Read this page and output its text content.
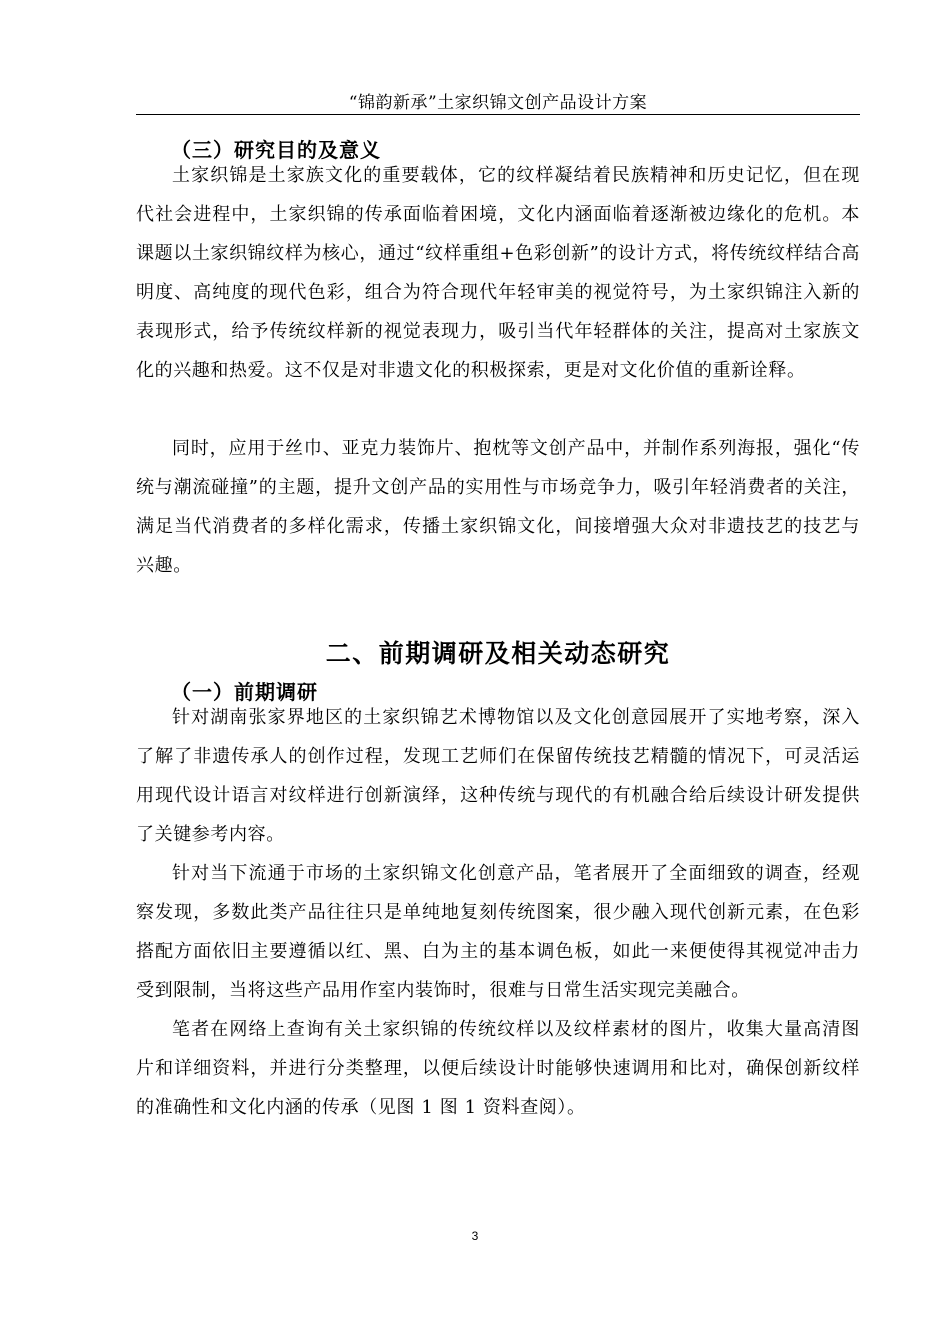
“锦韵新承”土家织锦文创产品设计方案
（三）研究目的及意义

土家织锦是土家族文化的重要载体，它的纹样凝结着民族精神和历史记忆，但在现代社会进程中，土家织锦的传承面临着困境，文化内涵面临着逐渐被边缘化的危机。本课题以土家织锦纹样为核心，通过“纹样重组+色彩创新”的设计方式，将传统纹样结合高明度、高纯度的现代色彩，组合为符合现代年轻审美的视觉符号，为土家织锦注入新的表现形式，给予传统纹样新的视觉表现力，吸引当代年轻群体的关注，提高对土家族文化的兴趣和热爱。这不仅是对非遗文化的积极探索，更是对文化价值的重新诠释。

同时，应用于丝巾、亚克力装饰片、抱枕等文创产品中，并制作系列海报，强化“传统与潮流碰撞”的主题，提升文创产品的实用性与市场竞争力，吸引年轻消费者的关注，满足当代消费者的多样化需求，传播土家织锦文化，间接增强大众对非遗技艺的技艺与兴趣。

二、前期调研及相关动态研究
（一）前期调研

针对湖南张家界地区的土家织锦艺术博物馆以及文化创意园展开了实地考察，深入了解了非遗传承人的创作过程，发现工艺师们在保留传统技艺精髓的情况下，可灵活运用现代设计语言对纹样进行创新演绎，这种传统与现代的有机融合给后续设计研发提供了关键参考内容。

针对当下流通于市场的土家织锦文化创意产品，笔者展开了全面细致的调查，经观察发现，多数此类产品往往只是单纯地复刻传统图案，很少融入现代创新元素，在色彩搭配方面依旧主要遵循以红、黑、白为主的基本调色板，如此一来便使得其视觉冲击力受到限制，当将这些产品用作室内装饰时，很难与日常生活实现完美融合。

笔者在网络上查询有关土家织锦的传统纹样以及纹样素材的图片，收集大量高清图片和详细资料，并进行分类整理，以便后续设计时能够快速调用和比对，确保创新纹样的准确性和文化内涵的传承（见图 1 图 1 资料查阅）。

3
